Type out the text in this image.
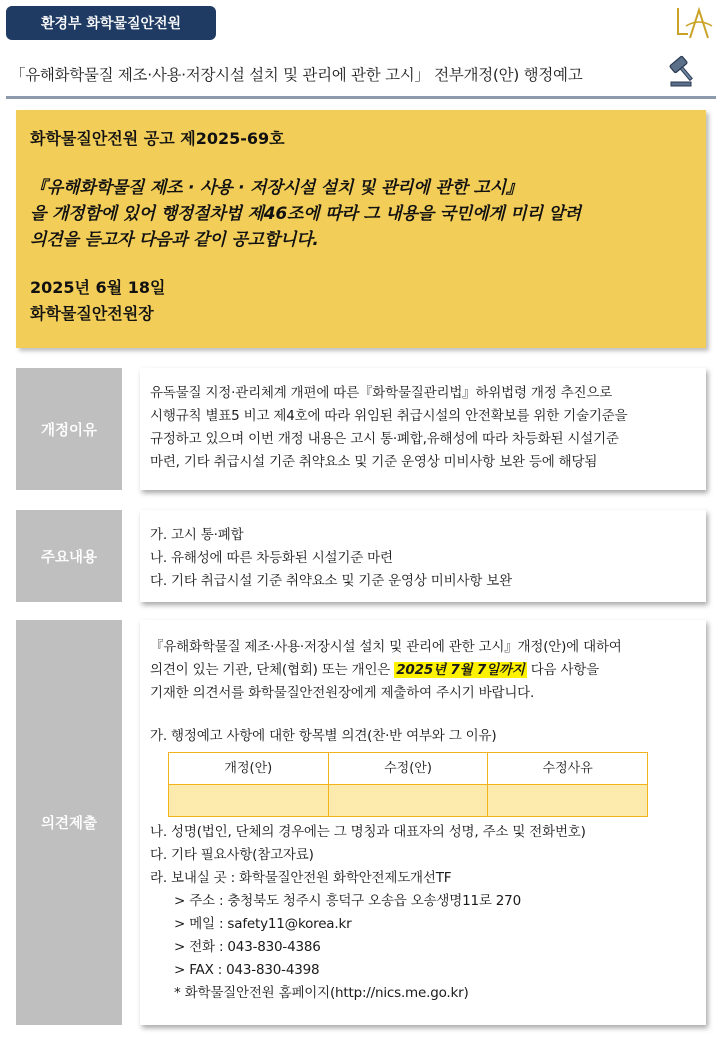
환경부 화학물질안전원
「유해화학물질 제조·사용·저장시설 설치 및 관리에 관한 고시」 전부개정(안) 행정예고
화학물질안전원 공고 제2025-69호
『유해화학물질 제조 · 사용 · 저장시설 설치 및 관리에 관한 고시』
을 개정함에 있어 행정절차법 제46조에 따라 그 내용을 국민에게 미리 알려
의견을 듣고자 다음과 같이 공고합니다.
2025년 6월 18일
화학물질안전원장
개정이유

유독물질 지정·관리체계 개편에 따른『화학물질관리법』하위법령 개정 추진으로

시행규칙 별표5 비고 제4호에 따라 위임된 취급시설의 안전확보를 위한 기술기준을

규정하고 있으며 이번 개정 내용은 고시 통·폐합,유해성에 따라 차등화된 시설기준

마련, 기타 취급시설 기준 취약요소 및 기준 운영상 미비사항 보완 등에 해당됨

주요내용

가. 고시 통·폐합

나. 유해성에 따른 차등화된 시설기준 마련

다. 기타 취급시설 기준 취약요소 및 기준 운영상 미비사항 보완

의견제출

『유해화학물질 제조·사용·저장시설 설치 및 관리에 관한 고시』개정(안)에 대하여

의견이 있는 기관, 단체(협회) 또는 개인은 2025년 7월 7일까지 다음 사항을

기재한 의견서를 화학물질안전원장에게 제출하여 주시기 바랍니다.

가. 행정예고 사항에 대한 항목별 의견(찬·반 여부와 그 이유)

개정(안)	수정(안)	수정사유

나. 성명(법인, 단체의 경우에는 그 명칭과 대표자의 성명, 주소 및 전화번호)

다. 기타 필요사항(참고자료)

라. 보내실 곳 : 화학물질안전원 화학안전제도개선TF

> 주소 : 충청북도 청주시 흥덕구 오송읍 오송생명11로 270

> 메일 : safety11@korea.kr

> 전화 : 043-830-4386

> FAX : 043-830-4398

* 화학물질안전원 홈페이지(http://nics.me.go.kr)
